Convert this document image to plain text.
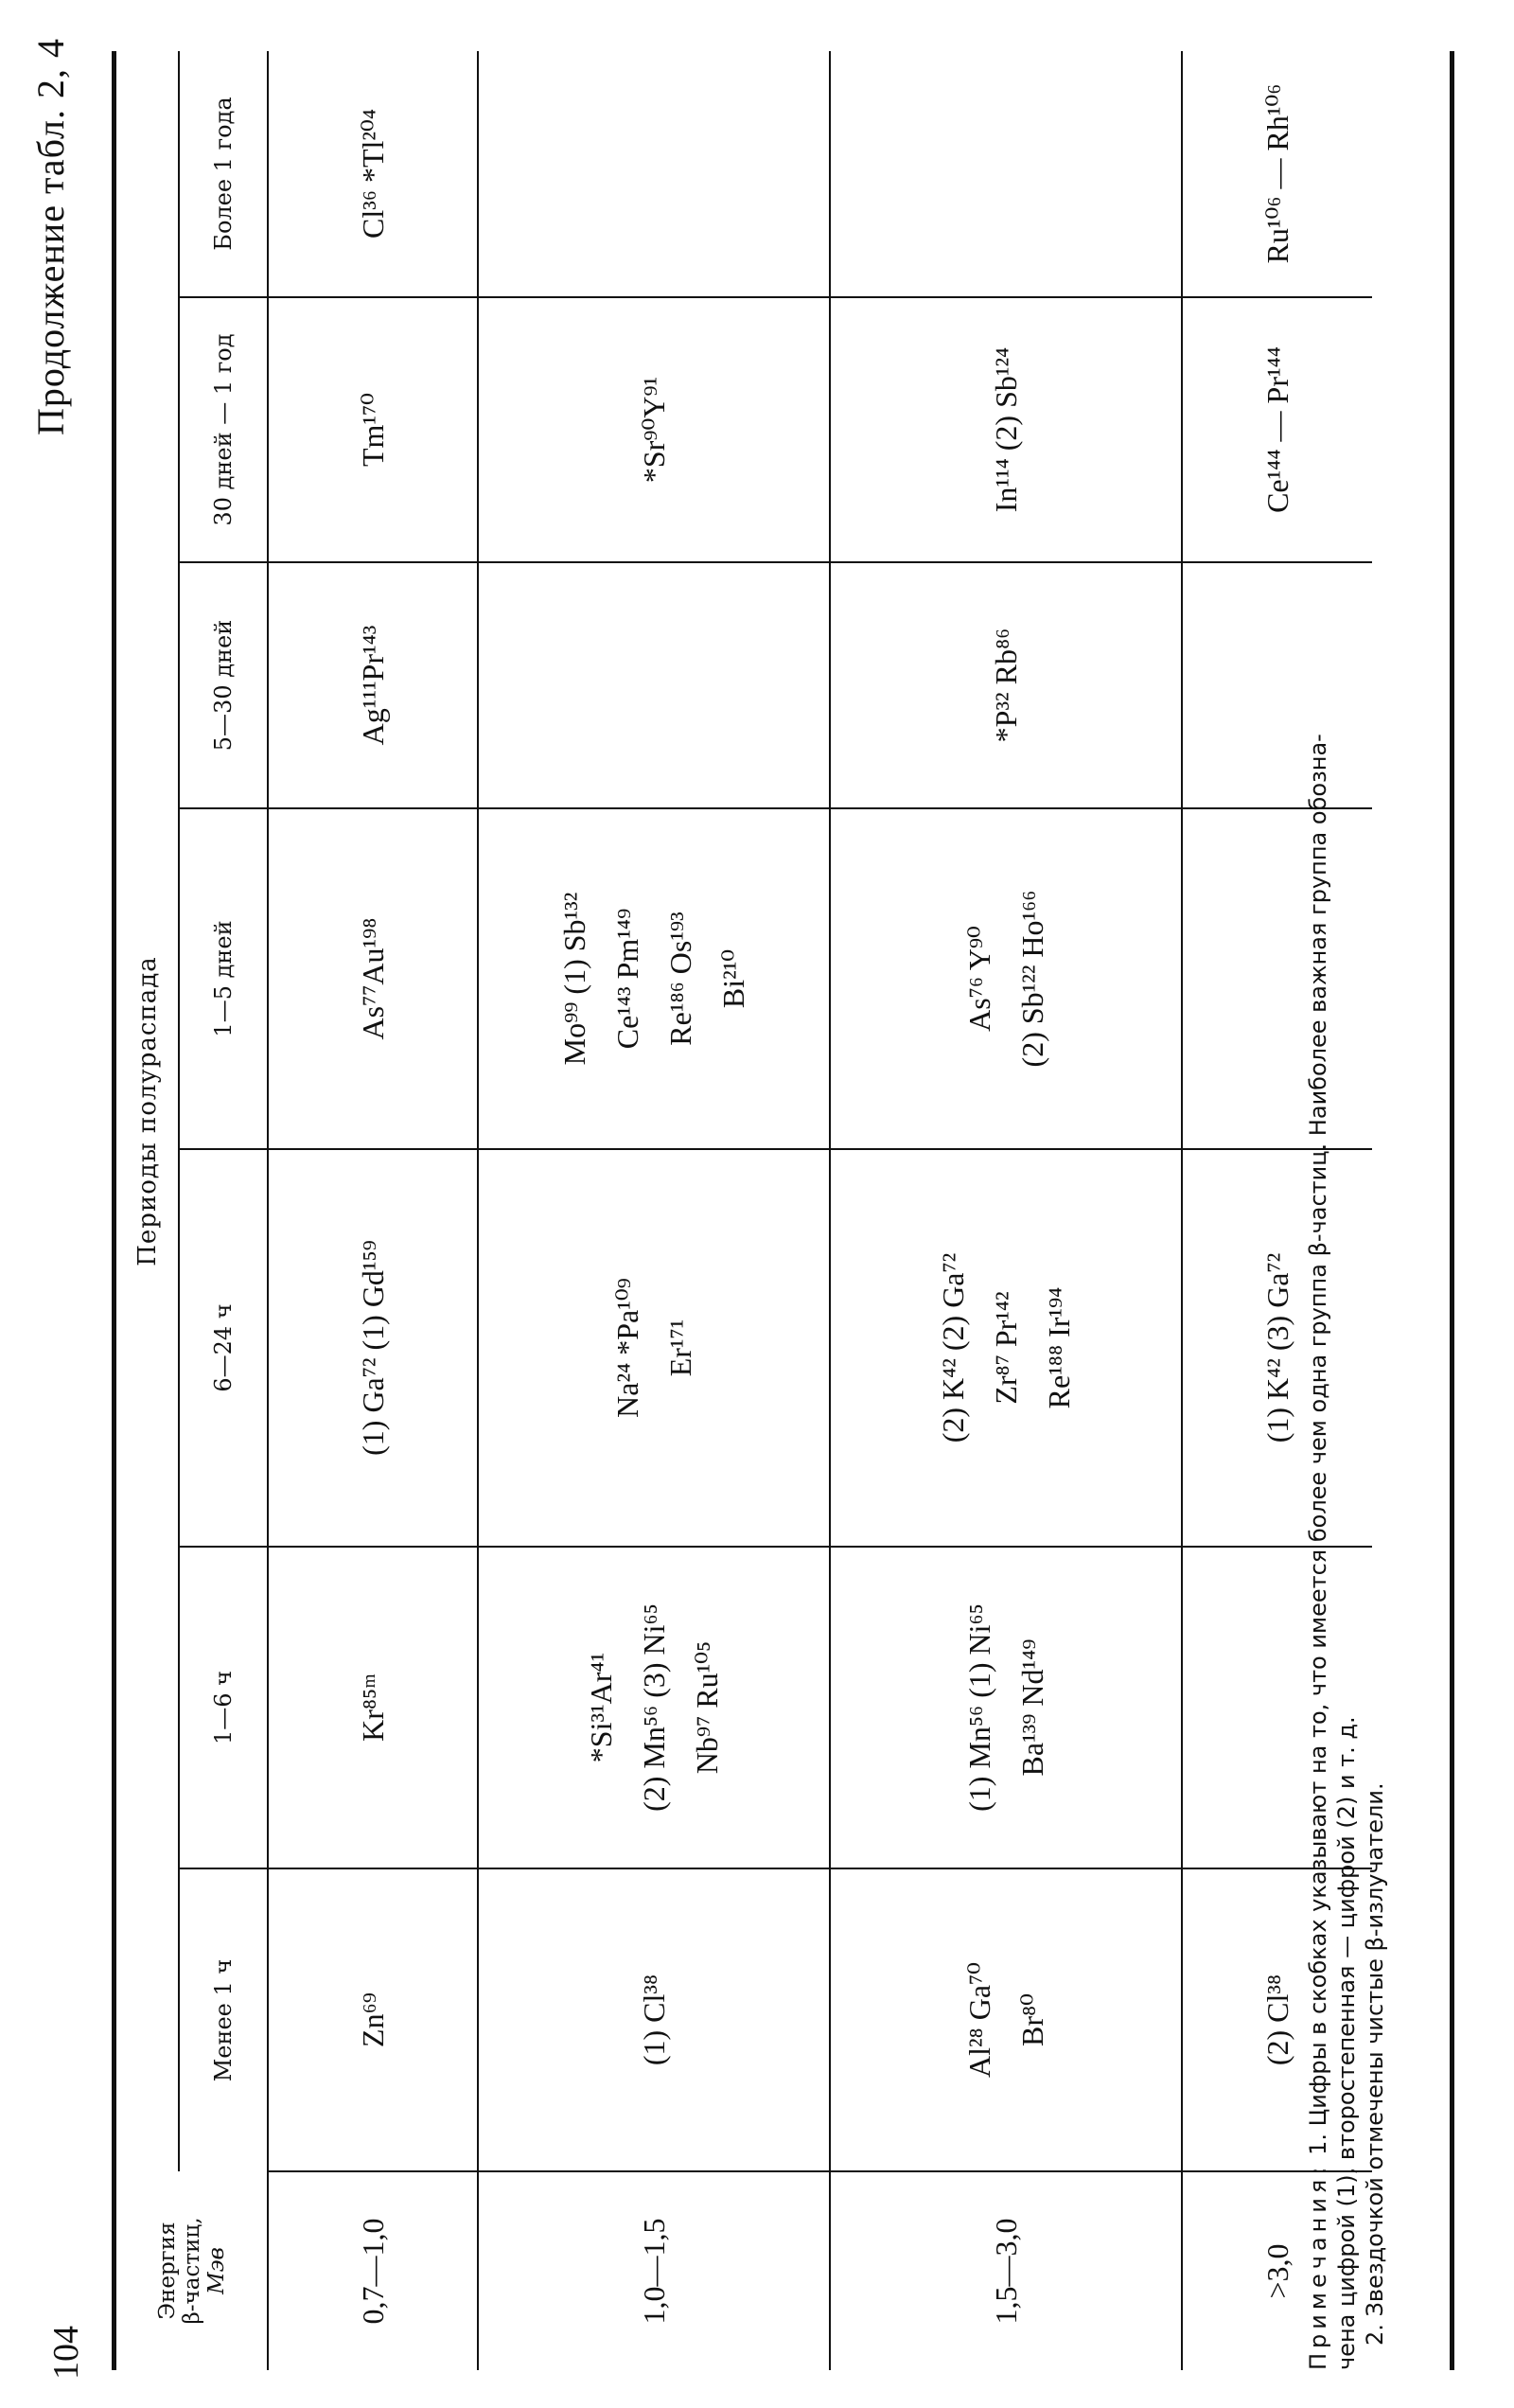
104
Продолжение табл. 2, 4
Энергия β-частиц, Мэв	Периоды полураспада						
	Менее 1 ч	1—6 ч	6—24 ч	1—5 дней	5—30 дней	30 дней — 1 год	Более 1 года
0,7—1,0	Zn⁶⁹	Kr⁸⁵ᵐ	(1) Ga⁷² (1) Gd¹⁵⁹	As⁷⁷Au¹⁹⁸	Ag¹¹¹Pr¹⁴³	Tm¹⁷⁰	Cl³⁶ *Tl²⁰⁴

1,0—1,5	(1) Cl³⁸	*Si³¹Ar⁴¹ (2) Mn⁵⁶ (3) Ni⁶⁵ Nb⁹⁷ Ru¹⁰⁵	Na²⁴ *Pa¹⁰⁹ Er¹⁷¹	Mo⁹⁹ (1) Sb¹³² Ce¹⁴³ Pm¹⁴⁹ Re¹⁸⁶ Os¹⁹³ Bi²¹⁰		*Sr⁹⁰Y⁹¹	

1,5—3,0	Al²⁸ Ga⁷⁰ Br⁸⁰	(1) Mn⁵⁶ (1) Ni⁶⁵ Ba¹³⁹ Nd¹⁴⁹	(2) K⁴² (2) Ga⁷² Zr⁸⁷ Pr¹⁴² Re¹⁸⁸ Ir¹⁹⁴	As⁷⁶ Y⁹⁰ (2) Sb¹²² Ho¹⁶⁶	*P³² Rb⁸⁶	In¹¹⁴ (2) Sb¹²⁴	

>3,0	(2) Cl³⁸		(1) K⁴² (3) Ga⁷²			Ce¹⁴⁴ — Pr¹⁴⁴	Ru¹⁰⁶ — Rh¹⁰⁶
Примечания: 1. Цифры в скобках указывают на то, что имеется более чем одна группа β-частиц. Наиболее важная группа обозна- чена цифрой (1), второстепенная — цифрой (2) и т. д. 2. Звездочкой отмечены чистые β-излучатели.
